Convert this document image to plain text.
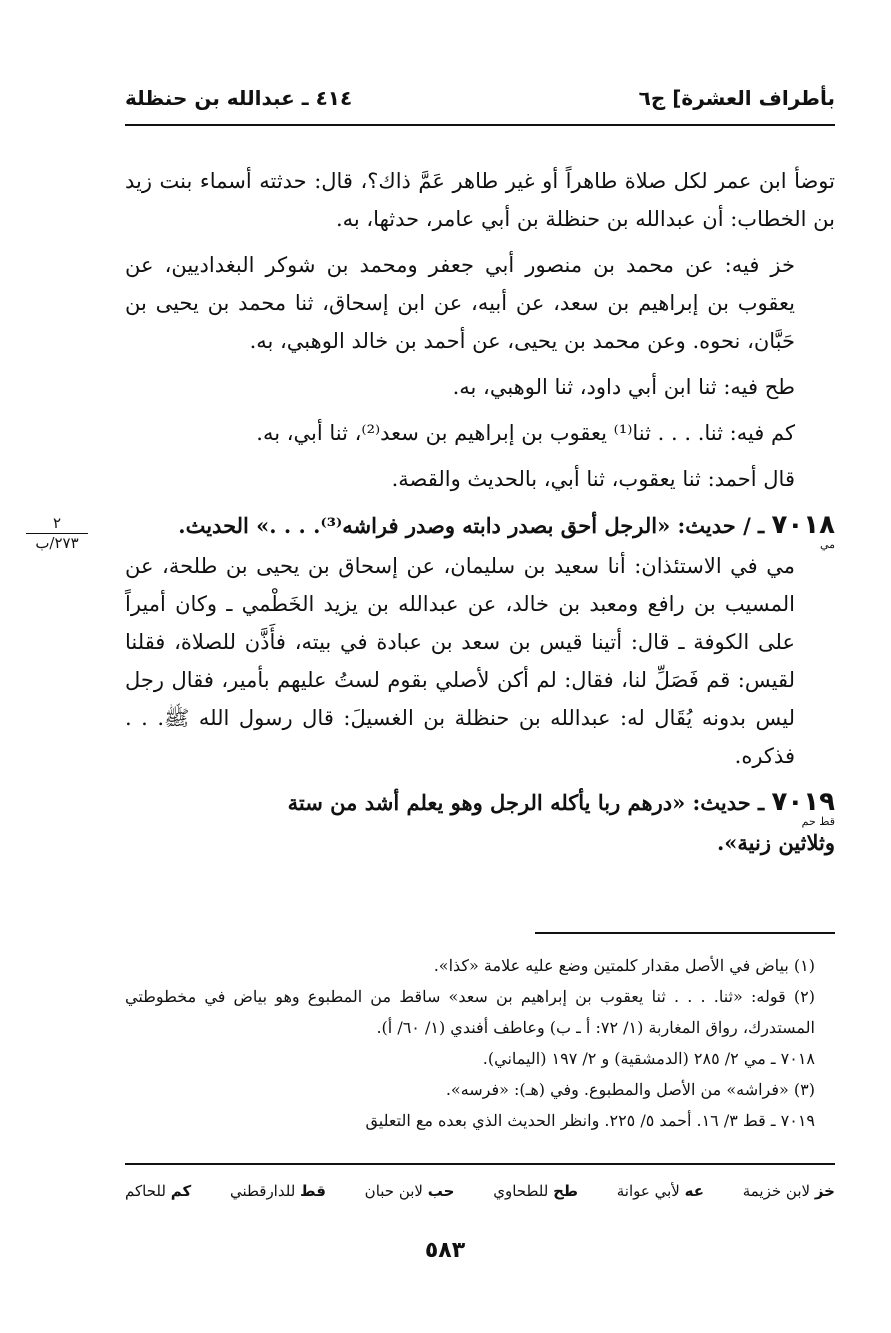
بأطراف العشرة] ج٦
٤١٤ ـ عبدالله بن حنظلة
٢
٢٧٣/ب

توضأ ابن عمر لكل صلاة طاهراً أو غير طاهر عَمَّ ذاك؟، قال: حدثته أسماء بنت زيد بن الخطاب: أن عبدالله بن حنظلة بن أبي عامر، حدثها، به.

خز فيه: عن محمد بن منصور أبي جعفر ومحمد بن شوكر البغداديين، عن يعقوب بن إبراهيم بن سعد، عن أبيه، عن ابن إسحاق، ثنا محمد بن يحيى بن حَبَّان، نحوه. وعن محمد بن يحيى، عن أحمد بن خالد الوهبي، به.

طح فيه: ثنا ابن أبي داود، ثنا الوهبي، به.

كم فيه: ثنا. . . . ثنا⁽¹⁾ يعقوب بن إبراهيم بن سعد⁽²⁾، ثنا أبي، به.

قال أحمد: ثنا يعقوب، ثنا أبي، بالحديث والقصة.

٧٠١٨ ـ / حديث: «الرجل أحق بصدر دابته وصدر فراشه⁽³⁾. . . .» الحديث.

مي

مي في الاستئذان: أنا سعيد بن سليمان، عن إسحاق بن يحيى بن طلحة، عن المسيب بن رافع ومعبد بن خالد، عن عبدالله بن يزيد الخَطْمي ـ وكان أميراً على الكوفة ـ قال: أتينا قيس بن سعد بن عبادة في بيته، فأَذَّن للصلاة، فقلنا لقيس: قم فَصَلِّ لنا، فقال: لم أكن لأصلي بقوم لستُ عليهم بأمير، فقال رجل ليس بدونه يُقَال له: عبدالله بن حنظلة بن الغسيلَ: قال رسول الله ﷺ. . . فذكره.

٧٠١٩ ـ حديث: «درهم ربا يأكله الرجل وهو يعلم أشد من ستة

قط حم

وثلاثين زنية».

(١) بياض في الأصل مقدار كلمتين وضع عليه علامة «كذا».

(٢) قوله: «ثنا. . . . ثنا يعقوب بن إبراهيم بن سعد» ساقط من المطبوع وهو بياض في مخطوطتي المستدرك، رواق المغاربة (١/ ٧٢: أ ـ ب) وعاطف أفندي (١/ ٦٠/ أ).

٧٠١٨ ـ مي ٢/ ٢٨٥ (الدمشقية) و ٢/ ١٩٧ (اليماني).

(٣) «فراشه» من الأصل والمطبوع. وفي (هـ): «فرسه».

٧٠١٩ ـ قط ٣/ ١٦. أحمد ٥/ ٢٢٥. وانظر الحديث الذي بعده مع التعليق

خز لابن خزيمة
عه لأبي عوانة
طح للطحاوي
حب لابن حبان
قط للدارقطني
كم للحاكم
٥٨٣
